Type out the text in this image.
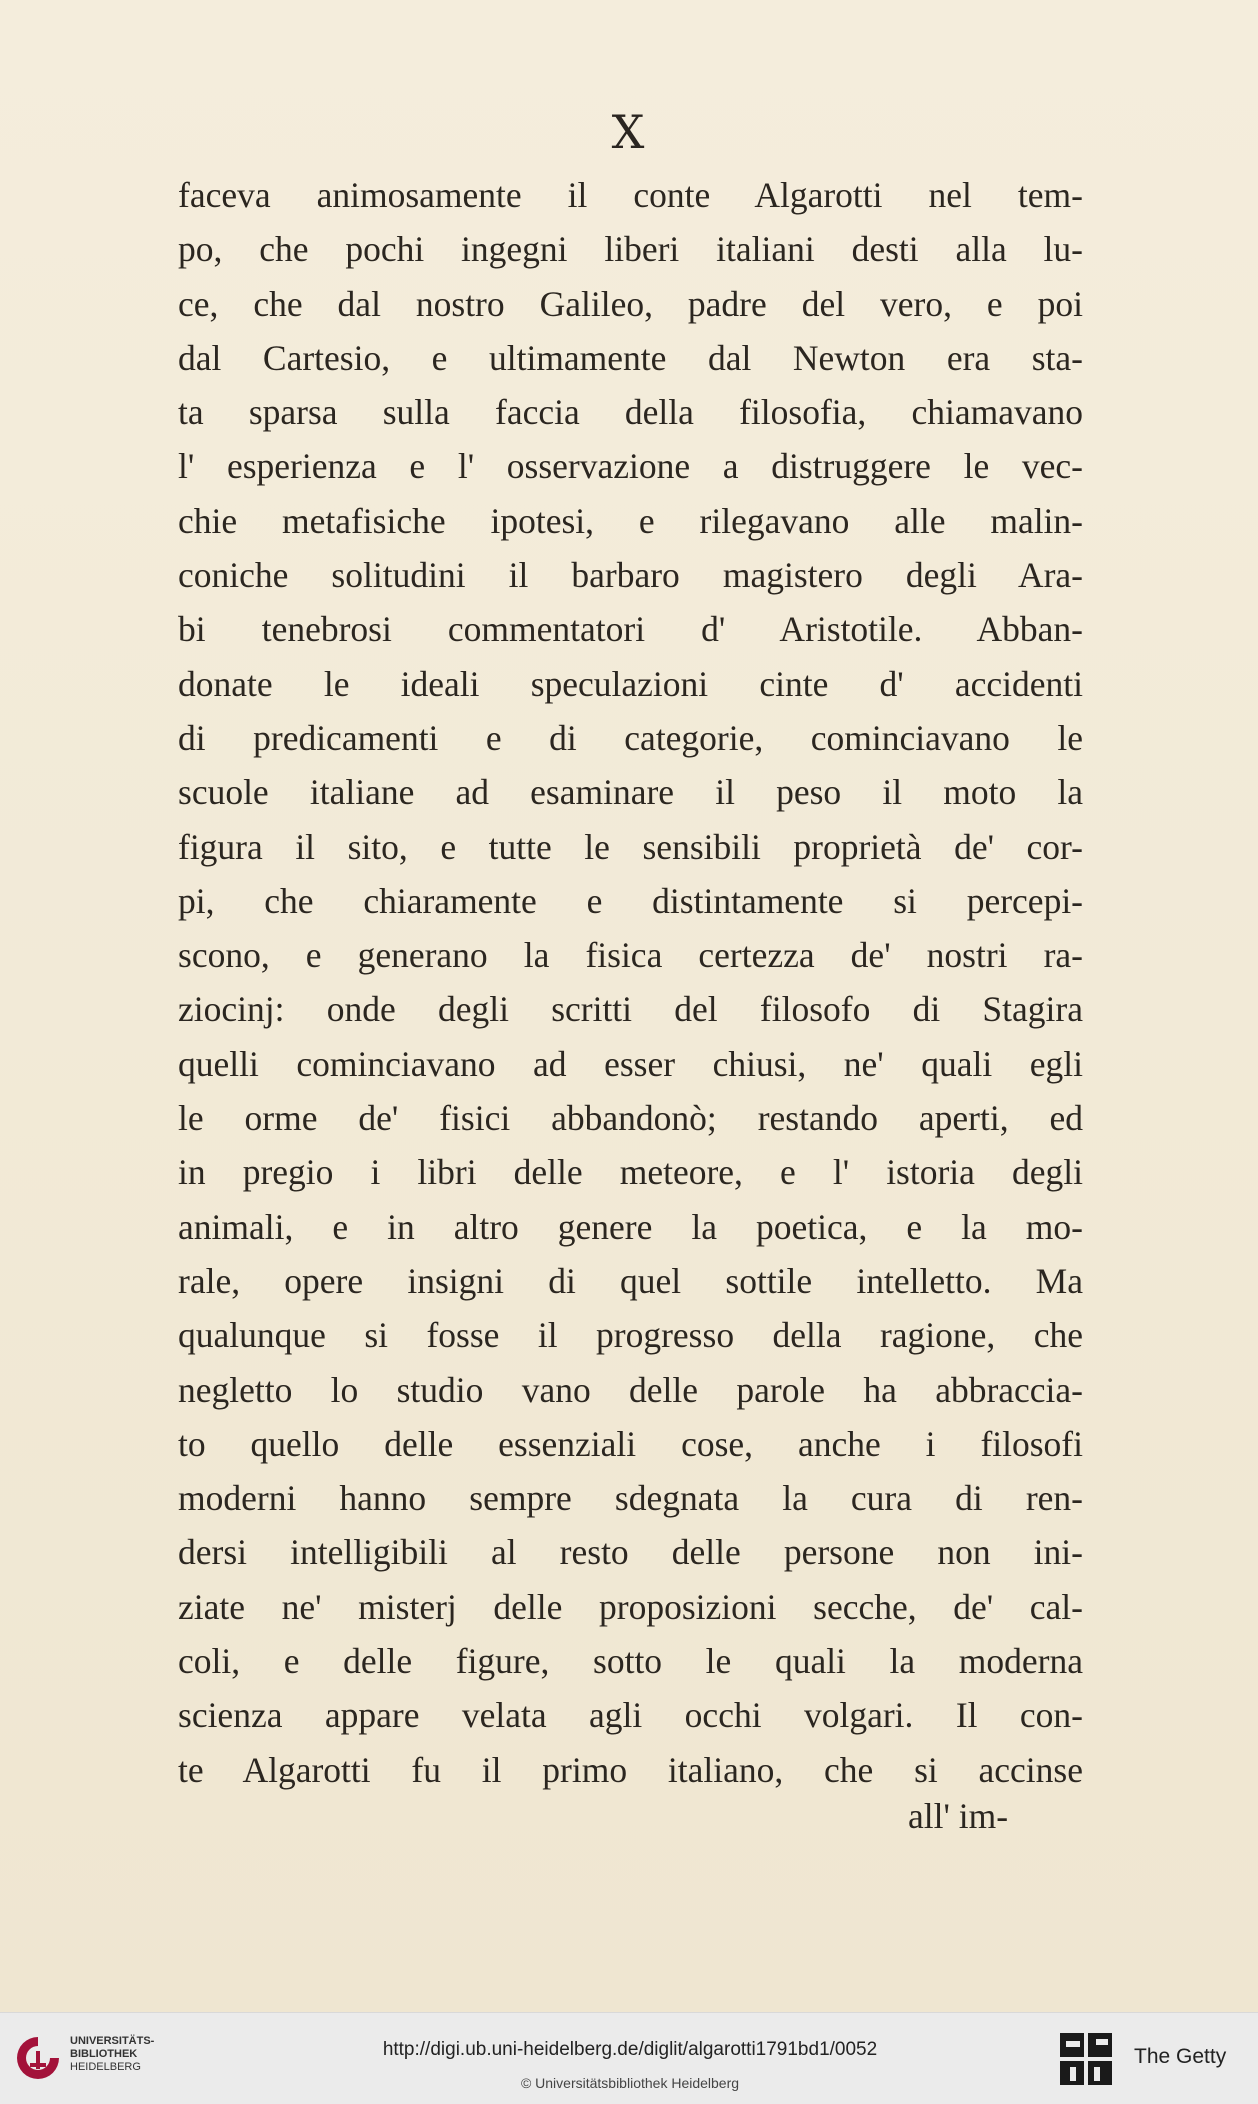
X
faceva animosamente il conte Algarotti nel tem-
po, che pochi ingegni liberi italiani desti alla lu-
ce, che dal nostro Galileo, padre del vero, e poi
dal Cartesio, e ultimamente dal Newton era sta-
ta sparsa sulla faccia della filosofia, chiamavano
l' esperienza e l' osservazione a distruggere le vec-
chie metafisiche ipotesi, e rilegavano alle malin-
coniche solitudini il barbaro magistero degli Ara-
bi tenebrosi commentatori d' Aristotile. Abban-
donate le ideali speculazioni cinte d' accidenti
di predicamenti e di categorie, cominciavano le
scuole italiane ad esaminare il peso il moto la
figura il sito, e tutte le sensibili proprietà de' cor-
pi, che chiaramente e distintamente si percepi-
scono, e generano la fisica certezza de' nostri ra-
ziocinj: onde degli scritti del filosofo di Stagira
quelli cominciavano ad esser chiusi, ne' quali egli
le orme de' fisici abbandonò; restando aperti, ed
in pregio i libri delle meteore, e l' istoria degli
animali, e in altro genere la poetica, e la mo-
rale, opere insigni di quel sottile intelletto. Ma
qualunque si fosse il progresso della ragione, che
negletto lo studio vano delle parole ha abbraccia-
to quello delle essenziali cose, anche i filosofi
moderni hanno sempre sdegnata la cura di ren-
dersi intelligibili al resto delle persone non ini-
ziate ne' misterj delle proposizioni secche, de' cal-
coli, e delle figure, sotto le quali la moderna
scienza appare velata agli occhi volgari. Il con-
te Algarotti fu il primo italiano, che si accinse
all' im-
UNIVERSITÄTS-
BIBLIOTHEK
HEIDELBERG
http://digi.ub.uni-heidelberg.de/diglit/algarotti1791bd1/0052
© Universitätsbibliothek Heidelberg
The Getty
